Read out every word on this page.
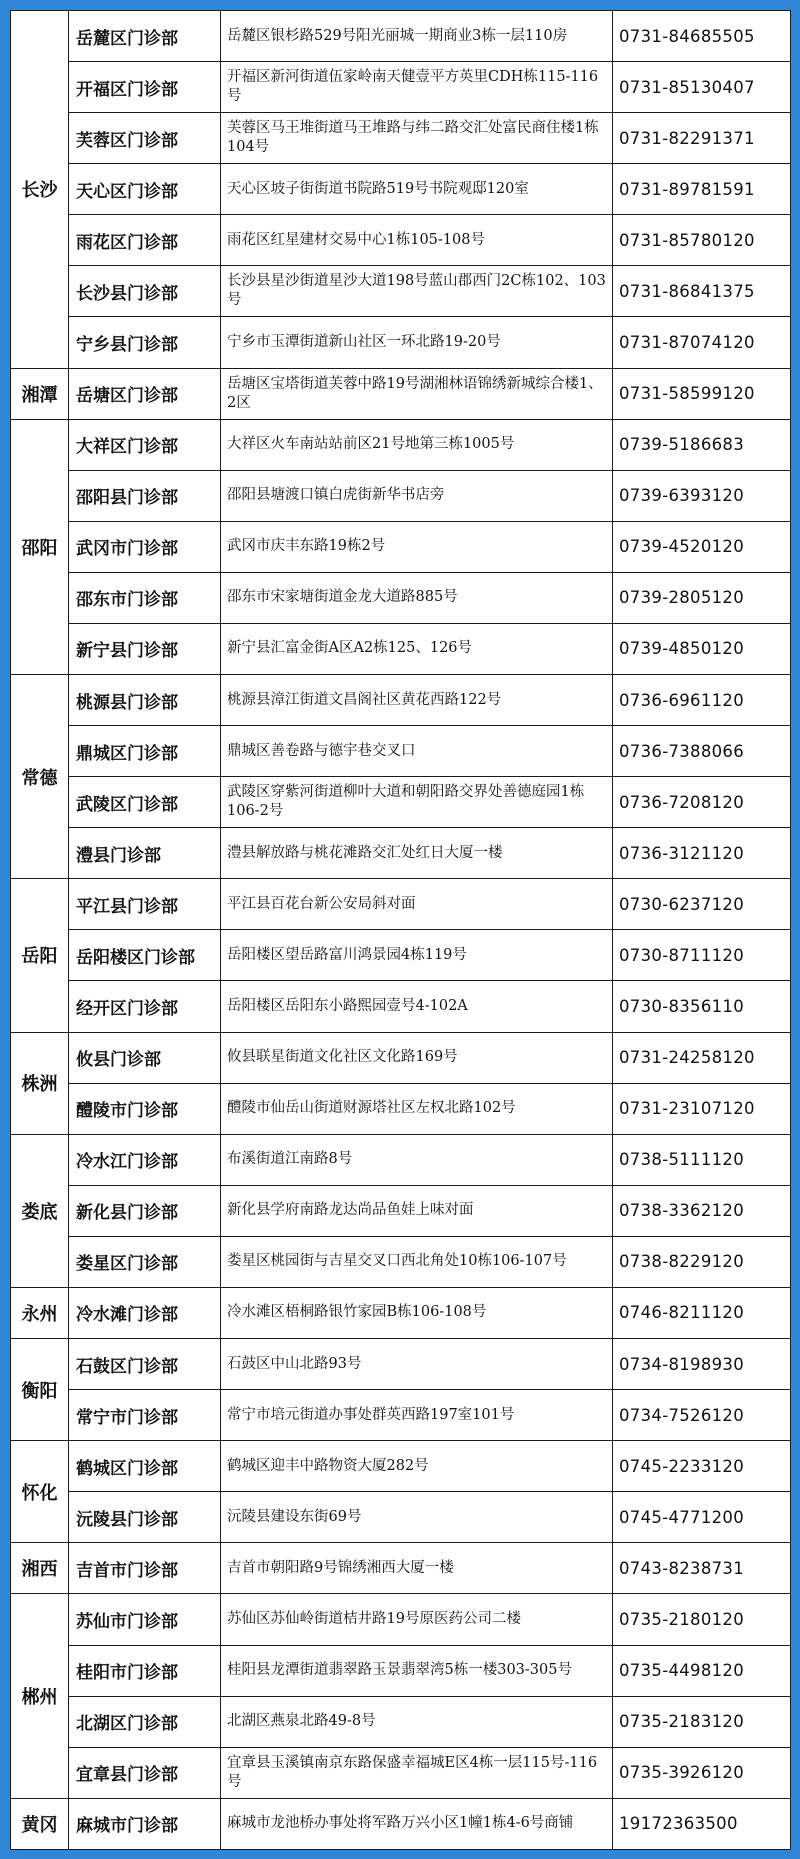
长沙	岳麓区门诊部	岳麓区银杉路529号阳光丽城一期商业3栋一层110房	0731-84685505
	开福区门诊部	开福区新河街道伍家岭南天健壹平方英里CDH栋115-116号	0731-85130407
	芙蓉区门诊部	芙蓉区马王堆街道马王堆路与纬二路交汇处富民商住楼1栋104号	0731-82291371
	天心区门诊部	天心区坡子街街道书院路519号书院观邸120室	0731-89781591
	雨花区门诊部	雨花区红星建材交易中心1栋105-108号	0731-85780120
	长沙县门诊部	长沙县星沙街道星沙大道198号蓝山郡西门2C栋102、103号	0731-86841375
	宁乡县门诊部	宁乡市玉潭街道新山社区一环北路19-20号	0731-87074120
湘潭	岳塘区门诊部	岳塘区宝塔街道芙蓉中路19号湖湘林语锦绣新城综合楼1、2区	0731-58599120
邵阳	大祥区门诊部	大祥区火车南站站前区21号地第三栋1005号	0739-5186683
	邵阳县门诊部	邵阳县塘渡口镇白虎街新华书店旁	0739-6393120
	武冈市门诊部	武冈市庆丰东路19栋2号	0739-4520120
	邵东市门诊部	邵东市宋家塘街道金龙大道路885号	0739-2805120
	新宁县门诊部	新宁县汇富金街A区A2栋125、126号	0739-4850120
常德	桃源县门诊部	桃源县漳江街道文昌阁社区黄花西路122号	0736-6961120
	鼎城区门诊部	鼎城区善卷路与德宇巷交叉口	0736-7388066
	武陵区门诊部	武陵区穿紫河街道柳叶大道和朝阳路交界处善德庭园1栋106-2号	0736-7208120
	澧县门诊部	澧县解放路与桃花滩路交汇处红日大厦一楼	0736-3121120
岳阳	平江县门诊部	平江县百花台新公安局斜对面	0730-6237120
	岳阳楼区门诊部	岳阳楼区望岳路富川鸿景园4栋119号	0730-8711120
	经开区门诊部	岳阳楼区岳阳东小路熙园壹号4-102A	0730-8356110
株洲	攸县门诊部	攸县联星街道文化社区文化路169号	0731-24258120
	醴陵市门诊部	醴陵市仙岳山街道财源塔社区左权北路102号	0731-23107120
娄底	冷水江门诊部	布溪街道江南路8号	0738-5111120
	新化县门诊部	新化县学府南路龙达尚品鱼娃上味对面	0738-3362120
	娄星区门诊部	娄星区桃园街与吉星交叉口西北角处10栋106-107号	0738-8229120
永州	冷水滩门诊部	冷水滩区梧桐路银竹家园B栋106-108号	0746-8211120
衡阳	石鼓区门诊部	石鼓区中山北路93号	0734-8198930
	常宁市门诊部	常宁市培元街道办事处群英西路197室101号	0734-7526120
怀化	鹤城区门诊部	鹤城区迎丰中路物资大厦282号	0745-2233120
	沅陵县门诊部	沅陵县建设东街69号	0745-4771200
湘西	吉首市门诊部	吉首市朝阳路9号锦绣湘西大厦一楼	0743-8238731
郴州	苏仙市门诊部	苏仙区苏仙岭街道桔井路19号原医药公司二楼	0735-2180120
	桂阳市门诊部	桂阳县龙潭街道翡翠路玉景翡翠湾5栋一楼303-305号	0735-4498120
	北湖区门诊部	北湖区燕泉北路49-8号	0735-2183120
	宜章县门诊部	宜章县玉溪镇南京东路保盛幸福城E区4栋一层115号-116号	0735-3926120
黄冈	麻城市门诊部	麻城市龙池桥办事处将军路万兴小区1幢1栋4-6号商铺	19172363500
